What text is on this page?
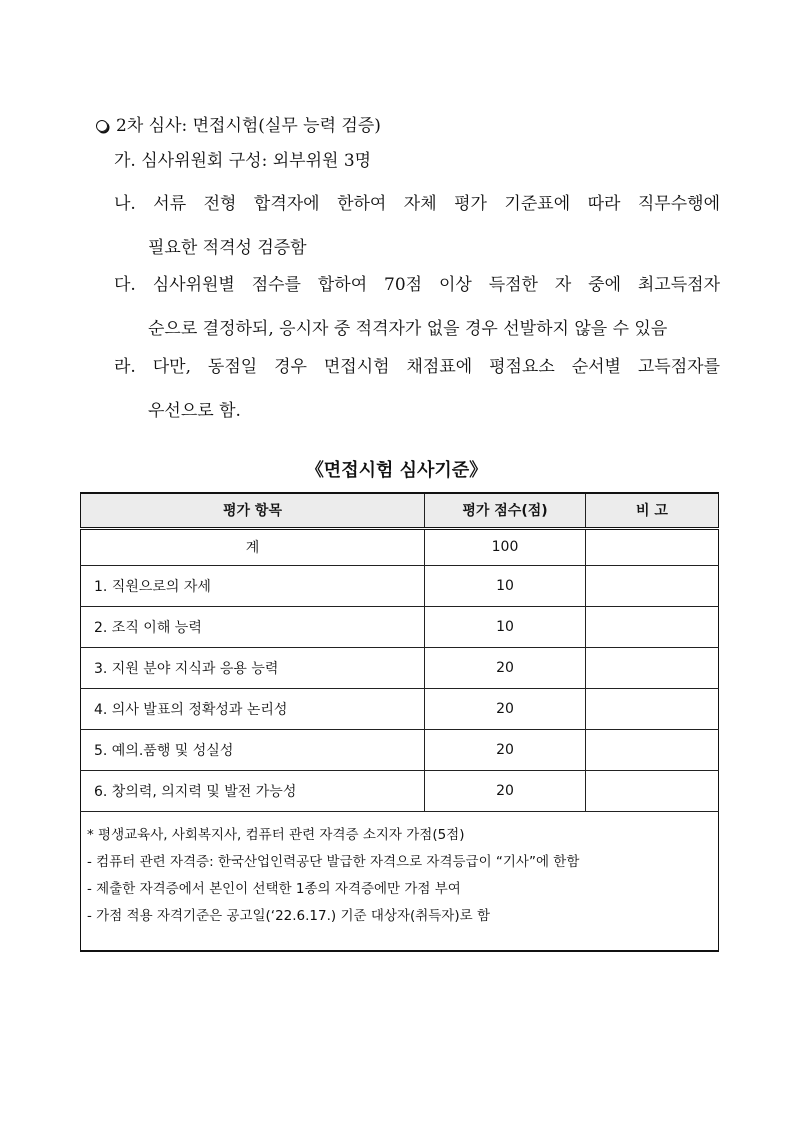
2차 심사: 면접시험(실무 능력 검증)
가. 심사위원회 구성: 외부위원 3명
나. 서류 전형 합격자에 한하여 자체 평가 기준표에 따라 직무수행에
필요한 적격성 검증함
다. 심사위원별 점수를 합하여 70점 이상 득점한 자 중에 최고득점자
순으로 결정하되, 응시자 중 적격자가 없을 경우 선발하지 않을 수 있음
라. 다만, 동점일 경우 면접시험 채점표에 평점요소 순서별 고득점자를
우선으로 함.
《면접시험 심사기준》
평가 항목	평가 점수(점)	비 고
계	100	
1. 직원으로의 자세	10	
2. 조직 이해 능력	10	
3. 지원 분야 지식과 응용 능력	20	
4. 의사 발표의 정확성과 논리성	20	
5. 예의.품행 및 성실성	20	
6. 창의력, 의지력 및 발전 가능성	20	

* 평생교육사, 사회복지사, 컴퓨터 관련 자격증 소지자 가점(5점)
- 컴퓨터 관련 자격증: 한국산업인력공단 발급한 자격으로 자격등급이 “기사”에 한함
- 제출한 자격증에서 본인이 선택한 1종의 자격증에만 가점 부여
- 가점 적용 자격기준은 공고일(‘22.6.17.) 기준 대상자(취득자)로 함		
